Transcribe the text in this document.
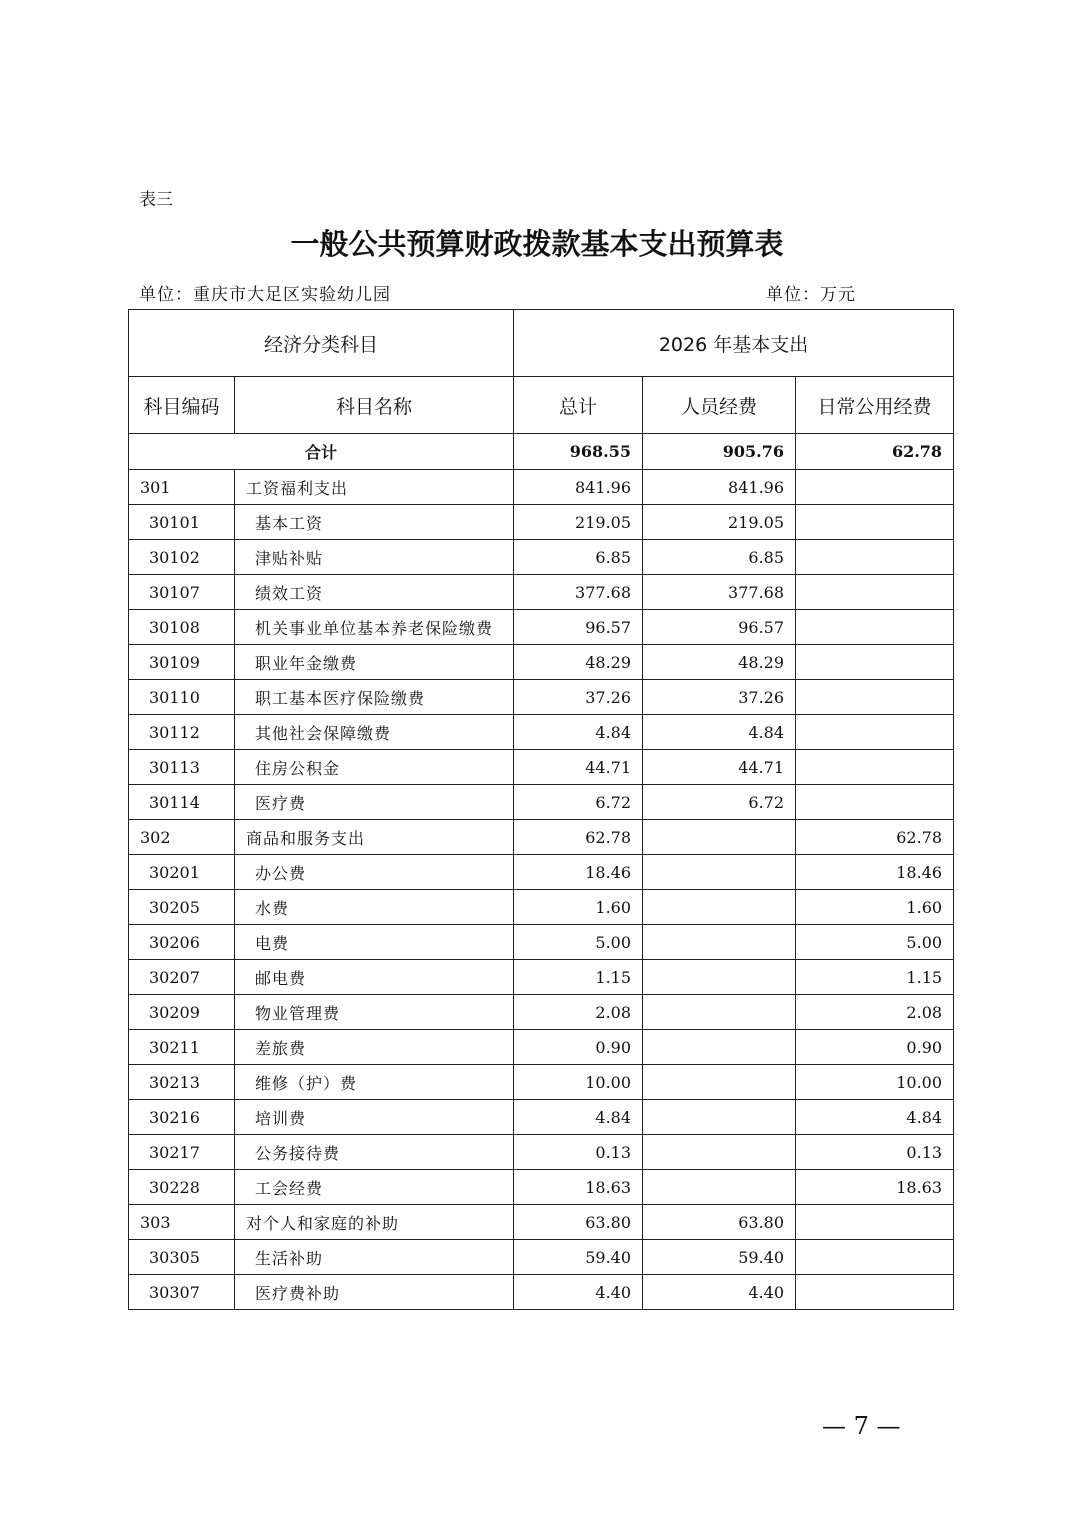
表三
一般公共预算财政拨款基本支出预算表
单位：重庆市大足区实验幼儿园	单位：万元
经济分类科目		2026 年基本支出		
科目编码	科目名称	总计	人员经费	日常公用经费
合计		968.55	905.76	62.78
301	工资福利支出	841.96	841.96	
30101	基本工资	219.05	219.05	
30102	津贴补贴	6.85	6.85	
30107	绩效工资	377.68	377.68	
30108	机关事业单位基本养老保险缴费	96.57	96.57	
30109	职业年金缴费	48.29	48.29	
30110	职工基本医疗保险缴费	37.26	37.26	
30112	其他社会保障缴费	4.84	4.84	
30113	住房公积金	44.71	44.71	
30114	医疗费	6.72	6.72	
302	商品和服务支出	62.78		62.78
30201	办公费	18.46		18.46
30205	水费	1.60		1.60
30206	电费	5.00		5.00
30207	邮电费	1.15		1.15
30209	物业管理费	2.08		2.08
30211	差旅费	0.90		0.90
30213	维修（护）费	10.00		10.00
30216	培训费	4.84		4.84
30217	公务接待费	0.13		0.13
30228	工会经费	18.63		18.63
303	对个人和家庭的补助	63.80	63.80	
30305	生活补助	59.40	59.40	
30307	医疗费补助	4.40	4.40	
— 7 —
